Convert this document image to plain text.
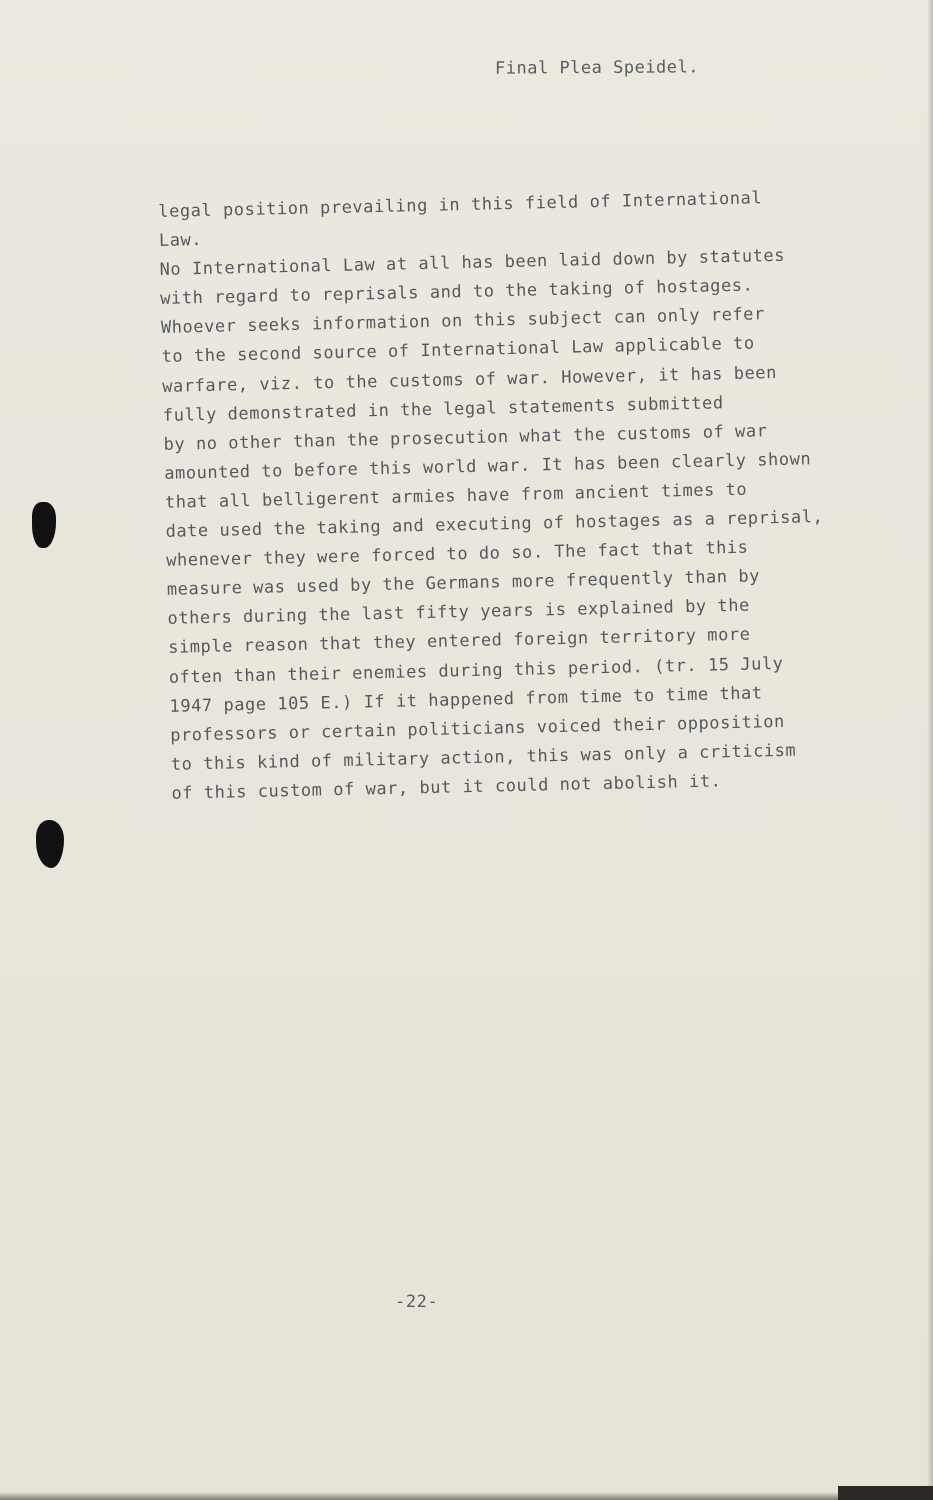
Final Plea Speidel.
legal position prevailing in this field of International
Law.
No International Law at all has been laid down by statutes
with regard to reprisals and to the taking of hostages.
Whoever seeks information on this subject can only refer
to the second source of International Law applicable to
warfare, viz. to the customs of war. However, it has been
fully demonstrated in the legal statements submitted
by no other than the prosecution what the customs of war
amounted to before this world war. It has been clearly shown
that all belligerent armies have from ancient times to
date used the taking and executing of hostages as a reprisal,
whenever they were forced to do so. The fact that this
measure was used by the Germans more frequently than by
others during the last fifty years is explained by the
simple reason that they entered foreign territory more
often than their enemies during this period. (tr. 15 July
1947 page 105 E.) If it happened from time to time that
professors or certain politicians voiced their opposition
to this kind of military action, this was only a criticism
of this custom of war, but it could not abolish it.
-22-
